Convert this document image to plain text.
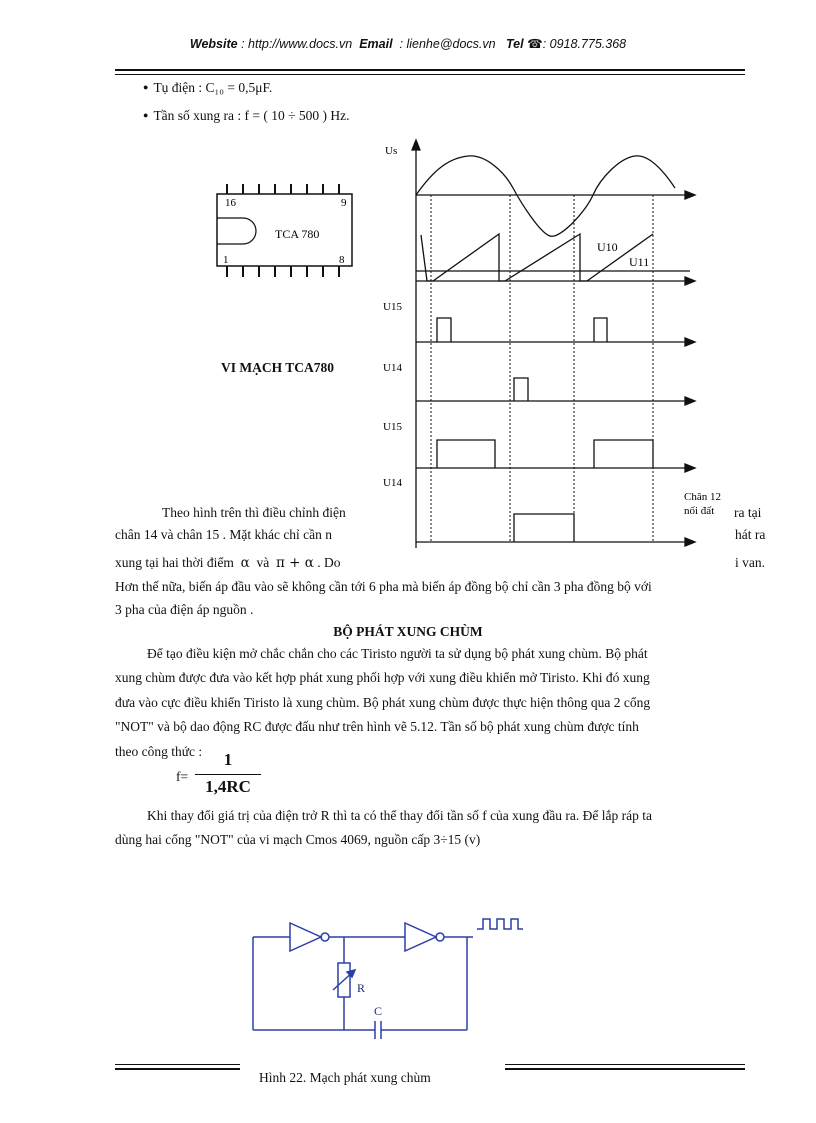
Website : http://www.docs.vn Email : lienhe@docs.vn Tel ☎: 0918.775.368
● Tụ điện : C₁₀ = 0,5μF.
● Tần số xung ra : f = ( 10 ÷ 500 ) Hz.
TCA 780
16	9
1	8
VI MẠCH TCA780
Us
U10
U11
U15
U14
U15
U14
Chân 12
nối đất
Theo hình trên thì điều chỉnh điện	ra tại
chân 14 và chân 15 . Mặt khác chỉ cần n	hát ra
xung tại hai thời điểm α và π + α . Do	i van.
Hơn thế nữa, biến áp đầu vào sẽ không cần tới 6 pha mà biến áp đồng bộ chỉ cần 3 pha đồng bộ với
3 pha của điện áp nguồn .
BỘ PHÁT XUNG CHÙM
Để tạo điều kiện mở chắc chắn cho các Tiristo người ta sử dụng bộ phát xung chùm. Bộ phát
xung chùm được đưa vào kết hợp phát xung phối hợp với xung điều khiển mở Tiristo. Khi đó xung
đưa vào cực điều khiển Tiristo là xung chùm. Bộ phát xung chùm được thực hiện thông qua 2 cổng
"NOT" và bộ dao động RC được đấu như trên hình vẽ 5.12. Tần số bộ phát xung chùm được tính
theo công thức :
f=
1
1,4RC
Khi thay đổi giá trị của điện trở R thì ta có thể thay đổi tần số f của xung đầu ra. Để lắp ráp ta
dùng hai cổng "NOT" của vi mạch Cmos 4069, nguồn cấp 3÷15 (v)
R
C
Hình 22. Mạch phát xung chùm
